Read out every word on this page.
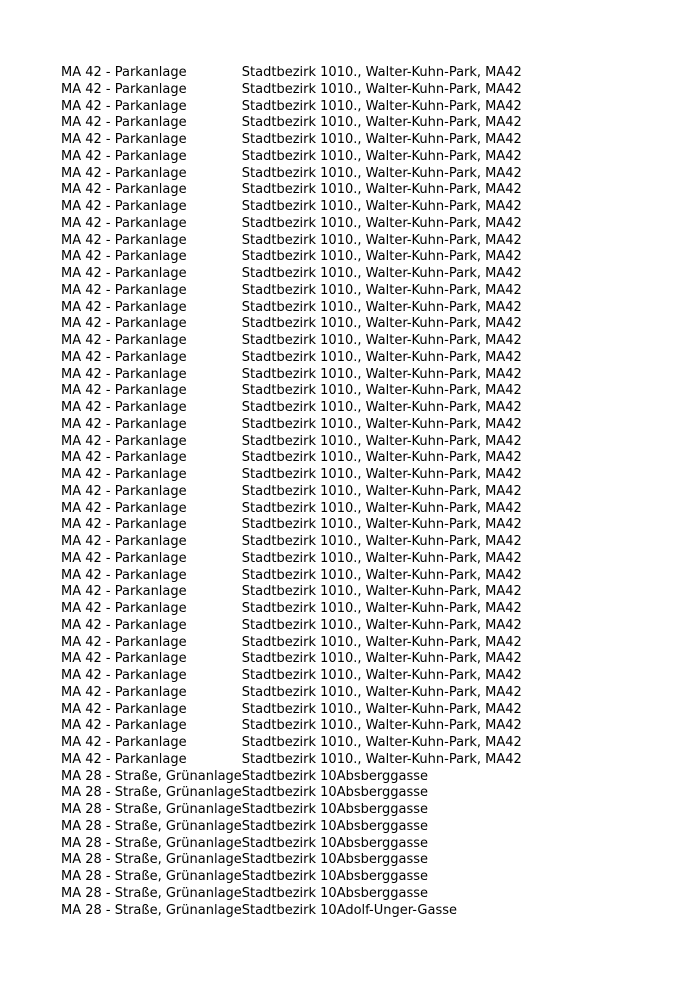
MA 42 - Parkanlage	Stadtbezirk 10	10., Walter-Kuhn-Park, MA42
MA 42 - Parkanlage	Stadtbezirk 10	10., Walter-Kuhn-Park, MA42
MA 42 - Parkanlage	Stadtbezirk 10	10., Walter-Kuhn-Park, MA42
MA 42 - Parkanlage	Stadtbezirk 10	10., Walter-Kuhn-Park, MA42
MA 42 - Parkanlage	Stadtbezirk 10	10., Walter-Kuhn-Park, MA42
MA 42 - Parkanlage	Stadtbezirk 10	10., Walter-Kuhn-Park, MA42
MA 42 - Parkanlage	Stadtbezirk 10	10., Walter-Kuhn-Park, MA42
MA 42 - Parkanlage	Stadtbezirk 10	10., Walter-Kuhn-Park, MA42
MA 42 - Parkanlage	Stadtbezirk 10	10., Walter-Kuhn-Park, MA42
MA 42 - Parkanlage	Stadtbezirk 10	10., Walter-Kuhn-Park, MA42
MA 42 - Parkanlage	Stadtbezirk 10	10., Walter-Kuhn-Park, MA42
MA 42 - Parkanlage	Stadtbezirk 10	10., Walter-Kuhn-Park, MA42
MA 42 - Parkanlage	Stadtbezirk 10	10., Walter-Kuhn-Park, MA42
MA 42 - Parkanlage	Stadtbezirk 10	10., Walter-Kuhn-Park, MA42
MA 42 - Parkanlage	Stadtbezirk 10	10., Walter-Kuhn-Park, MA42
MA 42 - Parkanlage	Stadtbezirk 10	10., Walter-Kuhn-Park, MA42
MA 42 - Parkanlage	Stadtbezirk 10	10., Walter-Kuhn-Park, MA42
MA 42 - Parkanlage	Stadtbezirk 10	10., Walter-Kuhn-Park, MA42
MA 42 - Parkanlage	Stadtbezirk 10	10., Walter-Kuhn-Park, MA42
MA 42 - Parkanlage	Stadtbezirk 10	10., Walter-Kuhn-Park, MA42
MA 42 - Parkanlage	Stadtbezirk 10	10., Walter-Kuhn-Park, MA42
MA 42 - Parkanlage	Stadtbezirk 10	10., Walter-Kuhn-Park, MA42
MA 42 - Parkanlage	Stadtbezirk 10	10., Walter-Kuhn-Park, MA42
MA 42 - Parkanlage	Stadtbezirk 10	10., Walter-Kuhn-Park, MA42
MA 42 - Parkanlage	Stadtbezirk 10	10., Walter-Kuhn-Park, MA42
MA 42 - Parkanlage	Stadtbezirk 10	10., Walter-Kuhn-Park, MA42
MA 42 - Parkanlage	Stadtbezirk 10	10., Walter-Kuhn-Park, MA42
MA 42 - Parkanlage	Stadtbezirk 10	10., Walter-Kuhn-Park, MA42
MA 42 - Parkanlage	Stadtbezirk 10	10., Walter-Kuhn-Park, MA42
MA 42 - Parkanlage	Stadtbezirk 10	10., Walter-Kuhn-Park, MA42
MA 42 - Parkanlage	Stadtbezirk 10	10., Walter-Kuhn-Park, MA42
MA 42 - Parkanlage	Stadtbezirk 10	10., Walter-Kuhn-Park, MA42
MA 42 - Parkanlage	Stadtbezirk 10	10., Walter-Kuhn-Park, MA42
MA 42 - Parkanlage	Stadtbezirk 10	10., Walter-Kuhn-Park, MA42
MA 42 - Parkanlage	Stadtbezirk 10	10., Walter-Kuhn-Park, MA42
MA 42 - Parkanlage	Stadtbezirk 10	10., Walter-Kuhn-Park, MA42
MA 42 - Parkanlage	Stadtbezirk 10	10., Walter-Kuhn-Park, MA42
MA 42 - Parkanlage	Stadtbezirk 10	10., Walter-Kuhn-Park, MA42
MA 42 - Parkanlage	Stadtbezirk 10	10., Walter-Kuhn-Park, MA42
MA 42 - Parkanlage	Stadtbezirk 10	10., Walter-Kuhn-Park, MA42
MA 42 - Parkanlage	Stadtbezirk 10	10., Walter-Kuhn-Park, MA42
MA 42 - Parkanlage	Stadtbezirk 10	10., Walter-Kuhn-Park, MA42
MA 28 - Straße, Grünanlage	Stadtbezirk 10	Absberggasse
MA 28 - Straße, Grünanlage	Stadtbezirk 10	Absberggasse
MA 28 - Straße, Grünanlage	Stadtbezirk 10	Absberggasse
MA 28 - Straße, Grünanlage	Stadtbezirk 10	Absberggasse
MA 28 - Straße, Grünanlage	Stadtbezirk 10	Absberggasse
MA 28 - Straße, Grünanlage	Stadtbezirk 10	Absberggasse
MA 28 - Straße, Grünanlage	Stadtbezirk 10	Absberggasse
MA 28 - Straße, Grünanlage	Stadtbezirk 10	Absberggasse
MA 28 - Straße, Grünanlage	Stadtbezirk 10	Adolf-Unger-Gasse
